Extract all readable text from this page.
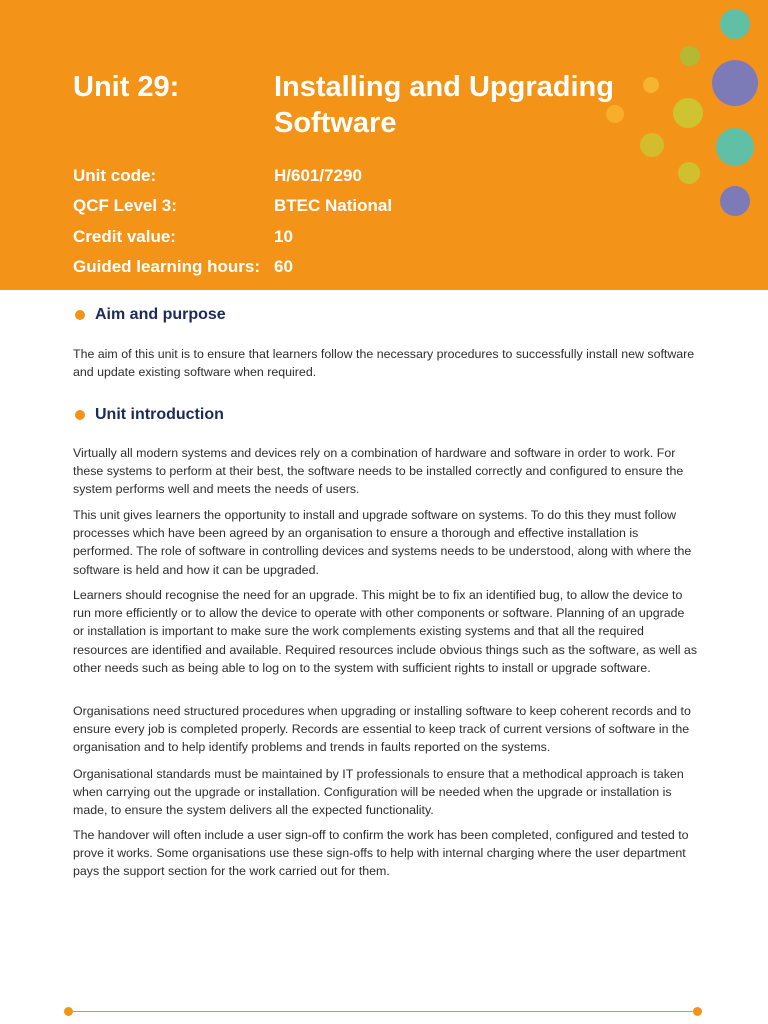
Unit 29:	Installing and Upgrading Software
Unit code:	H/601/7290
QCF Level 3:	BTEC National
Credit value:	10
Guided learning hours: 60
Aim and purpose
The aim of this unit is to ensure that learners follow the necessary procedures to successfully install new software and update existing software when required.
Unit introduction
Virtually all modern systems and devices rely on a combination of hardware and software in order to work. For these systems to perform at their best, the software needs to be installed correctly and configured to ensure the system performs well and meets the needs of users.
This unit gives learners the opportunity to install and upgrade software on systems. To do this they must follow processes which have been agreed by an organisation to ensure a thorough and effective installation is performed. The role of software in controlling devices and systems needs to be understood, along with where the software is held and how it can be upgraded.
Learners should recognise the need for an upgrade. This might be to fix an identified bug, to allow the device to run more efficiently or to allow the device to operate with other components or software. Planning of an upgrade or installation is important to make sure the work complements existing systems and that all the required resources are identified and available. Required resources include obvious things such as the software, as well as other needs such as being able to log on to the system with sufficient rights to install or upgrade software.
Organisations need structured procedures when upgrading or installing software to keep coherent records and to ensure every job is completed properly. Records are essential to keep track of current versions of software in the organisation and to help identify problems and trends in faults reported on the systems.
Organisational standards must be maintained by IT professionals to ensure that a methodical approach is taken when carrying out the upgrade or installation. Configuration will be needed when the upgrade or installation is made, to ensure the system delivers all the expected functionality.
The handover will often include a user sign-off to confirm the work has been completed, configured and tested to prove it works. Some organisations use these sign-offs to help with internal charging where the user department pays the support section for the work carried out for them.
